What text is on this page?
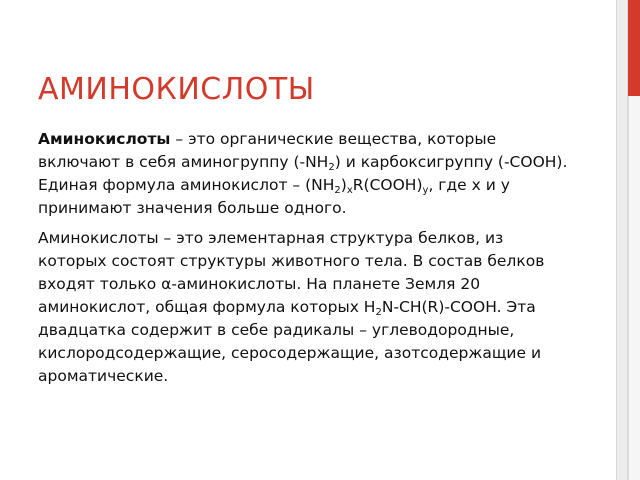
АМИНОКИСЛОТЫ

Аминокислоты – это органические вещества, которые включают в себя аминогруппу $(-NH_2)$ и карбоксигруппу (-COOH). Единая формула аминокислот – $(NH_2)_xR(COOH)_y$, где x и y принимают значения больше одного.

Аминокислоты – это элементарная структура белков, из которых состоят структуры животного тела. В состав белков входят только α-аминокислоты. На планете Земля 20 аминокислот, общая формула которых $H_2N-CH(R)$-COOH. Эта двадцатка содержит в себе радикалы – углеводородные, кислородсодержащие, серосодержащие, азотсодержащие и ароматические.
